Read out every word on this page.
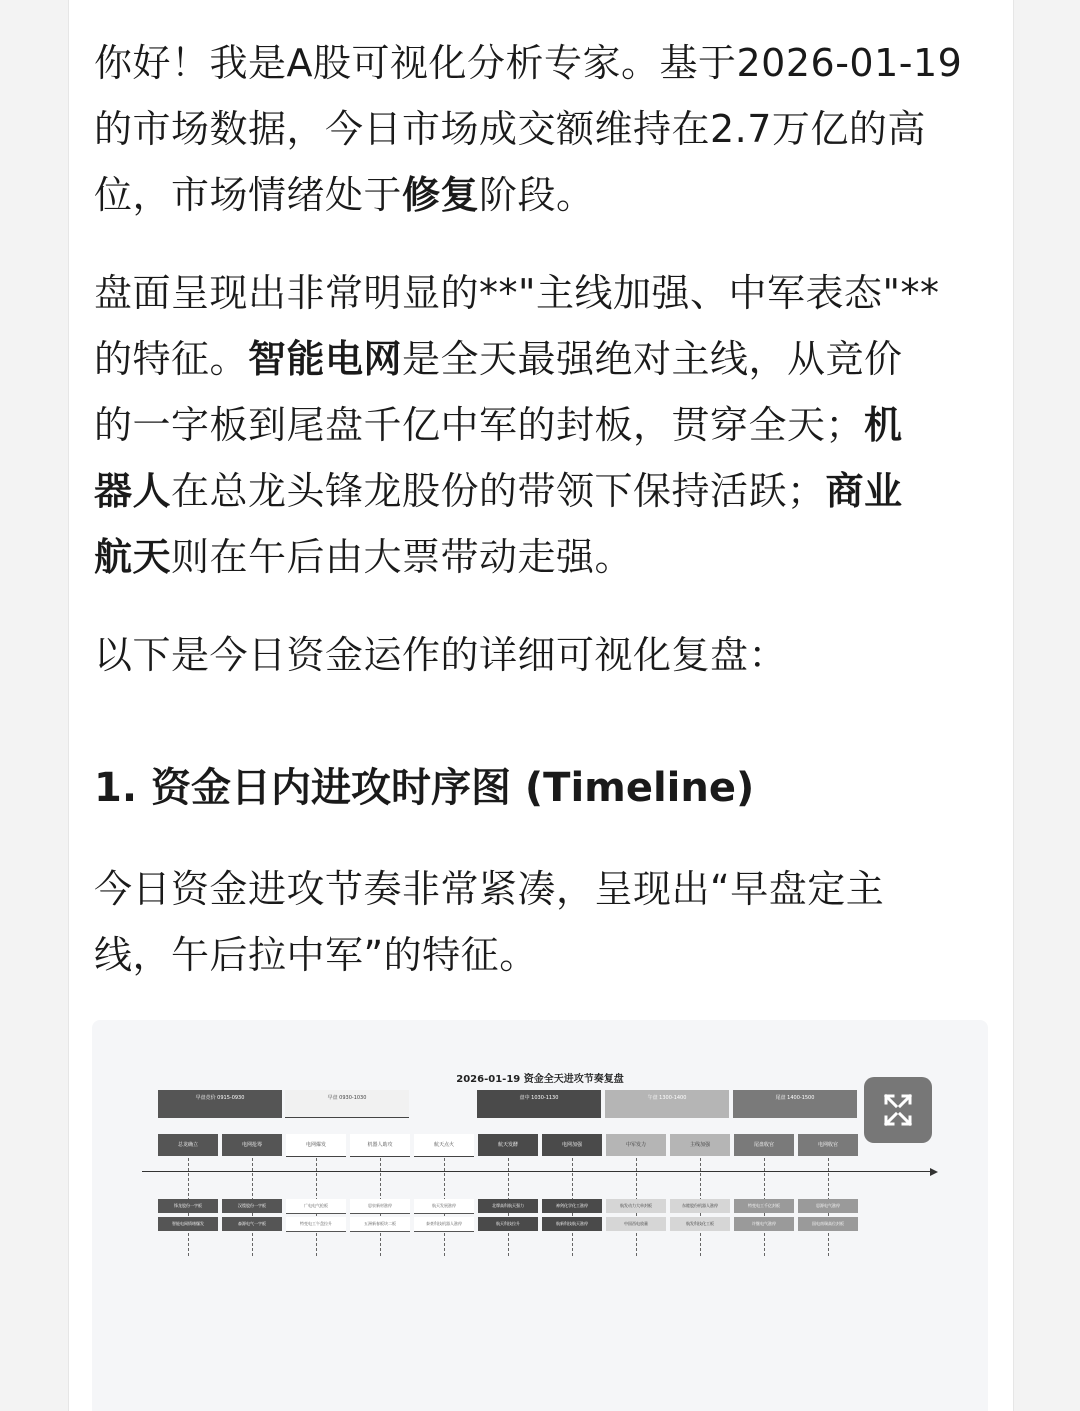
你好！我是A股可视化分析专家。基于2026-01-19
的市场数据，今日市场成交额维持在2.7万亿的高
位，市场情绪处于修复阶段。
盘面呈现出非常明显的**"主线加强、中军表态"**
的特征。智能电网是全天最强绝对主线，从竞价
的一字板到尾盘千亿中军的封板，贯穿全天；机
器人在总龙头锋龙股份的带领下保持活跃；商业
航天则在午后由大票带动走强。
以下是今日资金运作的详细可视化复盘：
1. 资金日内进攻时序图 (Timeline)
今日资金进攻节奏非常紧凑，呈现出“早盘定主
线，午后拉中军”的特征。
2026-01-19 资金全天进攻节奏复盘
早盘竞价 0915-0930	早盘 0930-1030	盘中 1030-1130	午盘 1300-1400	尾盘 1400-1500
总龙确立	电网抢筹	电网爆发	机器人助攻	航天点火	航天发酵	电网加强	中军发力	主线加强	尾盘收官	电网收官
锋龙股份一字板	汉缆股份一字板	广电电气抢板	思泉新材涨停	航天发展涨停	北摩高科航天强力	神剑化学化工涨停	航发动力大单封板	东睦股份机器人涨停	特变电工千亿封板	思源电气涨停
智能电网情绪爆发	森源电气一字板	特变电工午盘拉升	五洲新春板块二板	泰豪科技机器人涨停	航天科技拉升	航新科技航天涨停	中国西电放量	航发科技化工板	许继电气涨停	国电南瑞高位封板
